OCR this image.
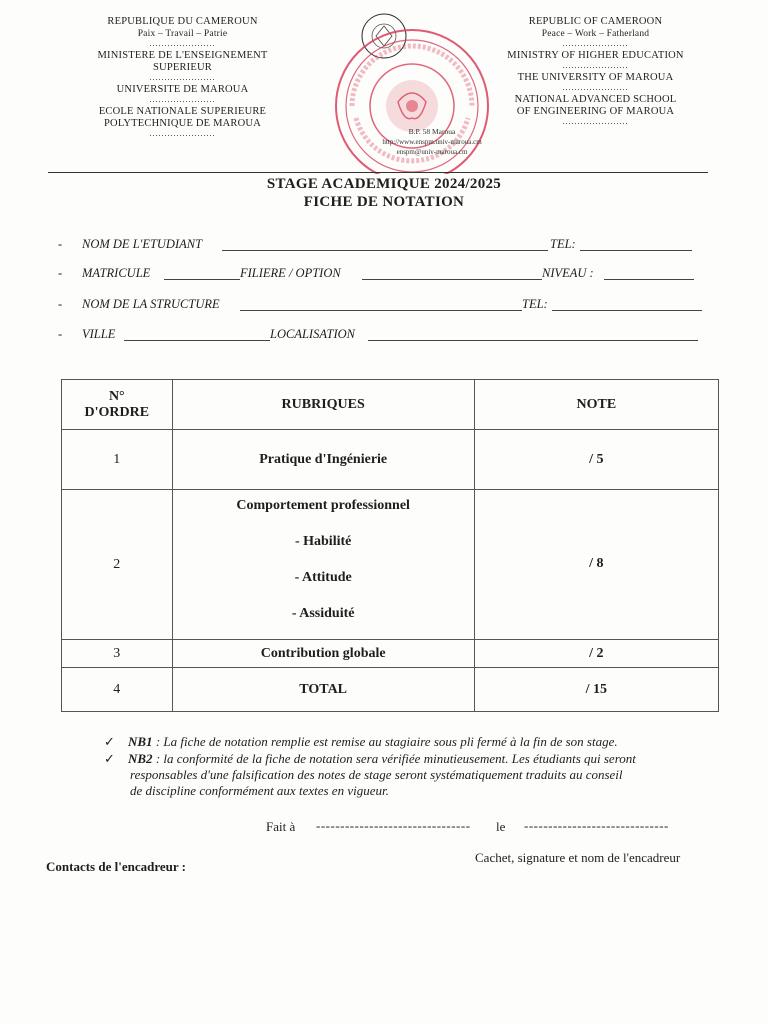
REPUBLIQUE DU CAMEROUN
Paix – Travail – Patrie
......................
MINISTERE DE L'ENSEIGNEMENT
SUPERIEUR
......................
UNIVERSITE DE MAROUA
......................
ECOLE NATIONALE SUPERIEURE
POLYTECHNIQUE DE MAROUA
......................
REPUBLIC OF CAMEROON
Peace – Work – Fatherland
......................
MINISTRY OF HIGHER EDUCATION
......................
THE UNIVERSITY OF MAROUA
......................
NATIONAL ADVANCED SCHOOL
OF ENGINEERING OF MAROUA
......................
B.P. 58 Maroua
http://www.enspm.univ-maroua.cm
enspm@univ-maroua.cm
STAGE ACADEMIQUE 2024/2025
FICHE DE NOTATION
- NOM DE L'ETUDIANT	TEL:
- MATRICULE	FILIERE / OPTION	NIVEAU :
- NOM DE LA STRUCTURE	TEL:
- VILLE	LOCALISATION
N°
D'ORDRE	RUBRIQUES	NOTE
1	Pratique d'Ingénierie	/ 5
2	Comportement professionnel
- Habilité
- Attitude
- Assiduité	/ 8
3	Contribution globale	/ 2
4	TOTAL	/ 15
✓	NB1 : La fiche de notation remplie est remise au stagiaire sous pli fermé à la fin de son stage.
✓	NB2 : la conformité de la fiche de notation sera vérifiée minutieusement. Les étudiants qui seront
responsables d'une falsification des notes de stage seront systématiquement traduits au conseil
de discipline conformément aux textes en vigueur.
Fait à -------------------------------- le ------------------------------
Contacts de l'encadreur :
Cachet, signature et nom de l'encadreur
